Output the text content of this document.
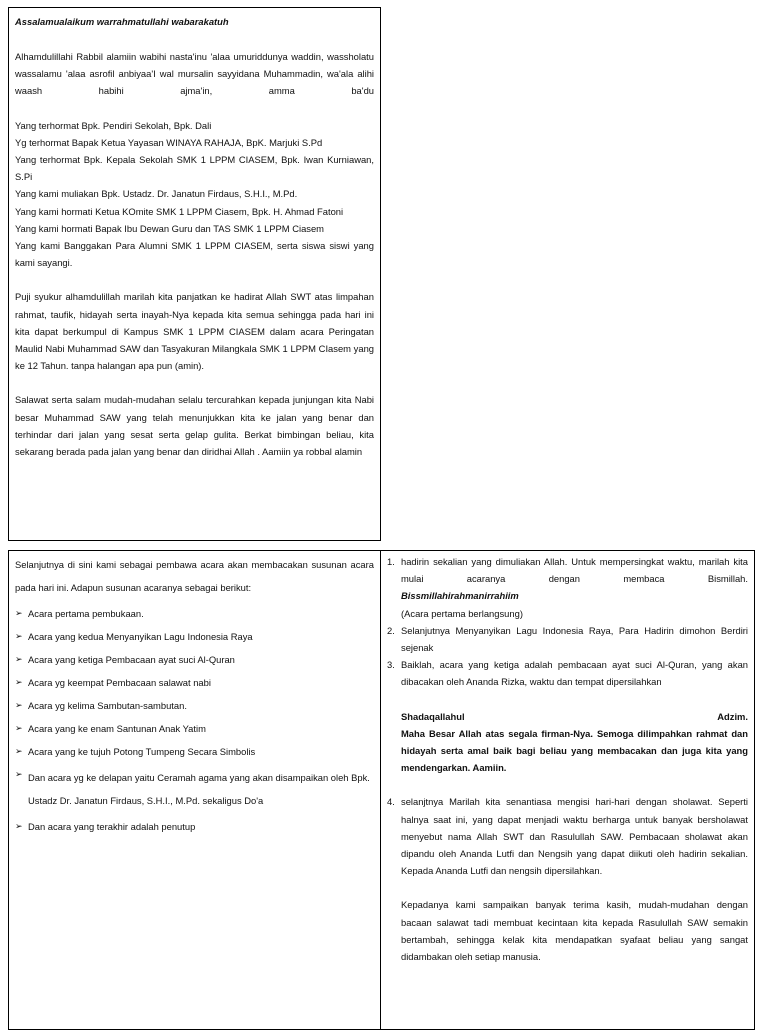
Assalamualaikum warrahmatullahi wabarakatuh

Alhamdulillahi Rabbil alamiin wabihi nasta'inu 'alaa umuriddunya waddin, wassholatu wassalamu 'alaa asrofil anbiyaa'I wal mursalin sayyidana Muhammadin, wa'ala alihi waash habihi ajma'in, amma ba'du

Yang terhormat Bpk. Pendiri Sekolah, Bpk. Dali

Yg terhormat Bapak Ketua Yayasan WINAYA RAHAJA, BpK. Marjuki S.Pd

Yang terhormat Bpk. Kepala Sekolah SMK 1 LPPM CIASEM, Bpk. Iwan Kurniawan, S.Pi

Yang kami muliakan Bpk. Ustadz. Dr. Janatun Firdaus, S.H.I., M.Pd.

Yang kami hormati Ketua KOmite SMK 1 LPPM Ciasem, Bpk. H. Ahmad Fatoni

Yang kami hormati Bapak Ibu Dewan Guru dan TAS SMK 1 LPPM Ciasem

Yang kami Banggakan Para Alumni SMK 1 LPPM CIASEM, serta siswa siswi yang kami sayangi.

Puji syukur alhamdulillah marilah kita panjatkan ke hadirat Allah SWT atas limpahan rahmat, taufik, hidayah serta inayah-Nya kepada kita semua sehingga pada hari ini kita dapat berkumpul di Kampus SMK 1 LPPM CIASEM dalam acara Peringatan Maulid Nabi Muhammad SAW dan Tasyakuran Milangkala SMK 1 LPPM CIasem yang ke 12 Tahun. tanpa halangan apa pun (amin).

Salawat serta salam mudah-mudahan selalu tercurahkan kepada junjungan kita Nabi besar Muhammad SAW yang telah menunjukkan kita ke jalan yang benar dan terhindar dari jalan yang sesat serta gelap gulita. Berkat bimbingan beliau, kita sekarang berada pada jalan yang benar dan diridhai Allah . Aamiin ya robbal alamin

Selanjutnya di sini kami sebagai pembawa acara akan membacakan susunan acara pada hari ini. Adapun susunan acaranya sebagai berikut:

➢ Acara pertama pembukaan.
➢ Acara yang kedua Menyanyikan Lagu Indonesia Raya
➢ Acara yang ketiga Pembacaan ayat suci Al-Quran
➢ Acara yg keempat Pembacaan salawat nabi
➢ Acara yg kelima Sambutan-sambutan.
➢ Acara yang ke enam Santunan Anak Yatim
➢ Acara yang ke tujuh Potong Tumpeng Secara Simbolis
➢ Dan acara yg ke delapan yaitu Ceramah agama yang akan disampaikan oleh Bpk. Ustadz Dr. Janatun Firdaus, S.H.I., M.Pd. sekaligus Do'a
➢ Dan acara yang terakhir adalah penutup
1. hadirin sekalian yang dimuliakan Allah. Untuk mempersingkat waktu, marilah kita mulai acaranya dengan membaca Bismillah.

Bissmillahirahmanirrahiim

(Acara pertama berlangsung)

2. Selanjutnya Menyanyikan Lagu Indonesia Raya, Para Hadirin dimohon Berdiri sejenak

3. Baiklah, acara yang ketiga adalah pembacaan ayat suci Al-Quran, yang akan dibacakan oleh Ananda Rizka, waktu dan tempat dipersilahkan

Shadaqallahul	Adzim.

Maha Besar Allah atas segala firman-Nya. Semoga dilimpahkan rahmat dan hidayah serta amal baik bagi beliau yang membacakan dan juga kita yang mendengarkan. Aamiin.

4. selanjtnya Marilah kita senantiasa mengisi hari-hari dengan sholawat. Seperti halnya saat ini, yang dapat menjadi waktu berharga untuk banyak bersholawat menyebut nama Allah SWT dan Rasulullah SAW. Pembacaan sholawat akan dipandu oleh Ananda Lutfi dan Nengsih yang dapat diikuti oleh hadirin sekalian. Kepada Ananda Lutfi dan nengsih dipersilahkan.

Kepadanya kami sampaikan banyak terima kasih, mudah-mudahan dengan bacaan salawat tadi membuat kecintaan kita kepada Rasulullah SAW semakin bertambah, sehingga kelak kita mendapatkan syafaat beliau yang sangat didambakan oleh setiap manusia.
